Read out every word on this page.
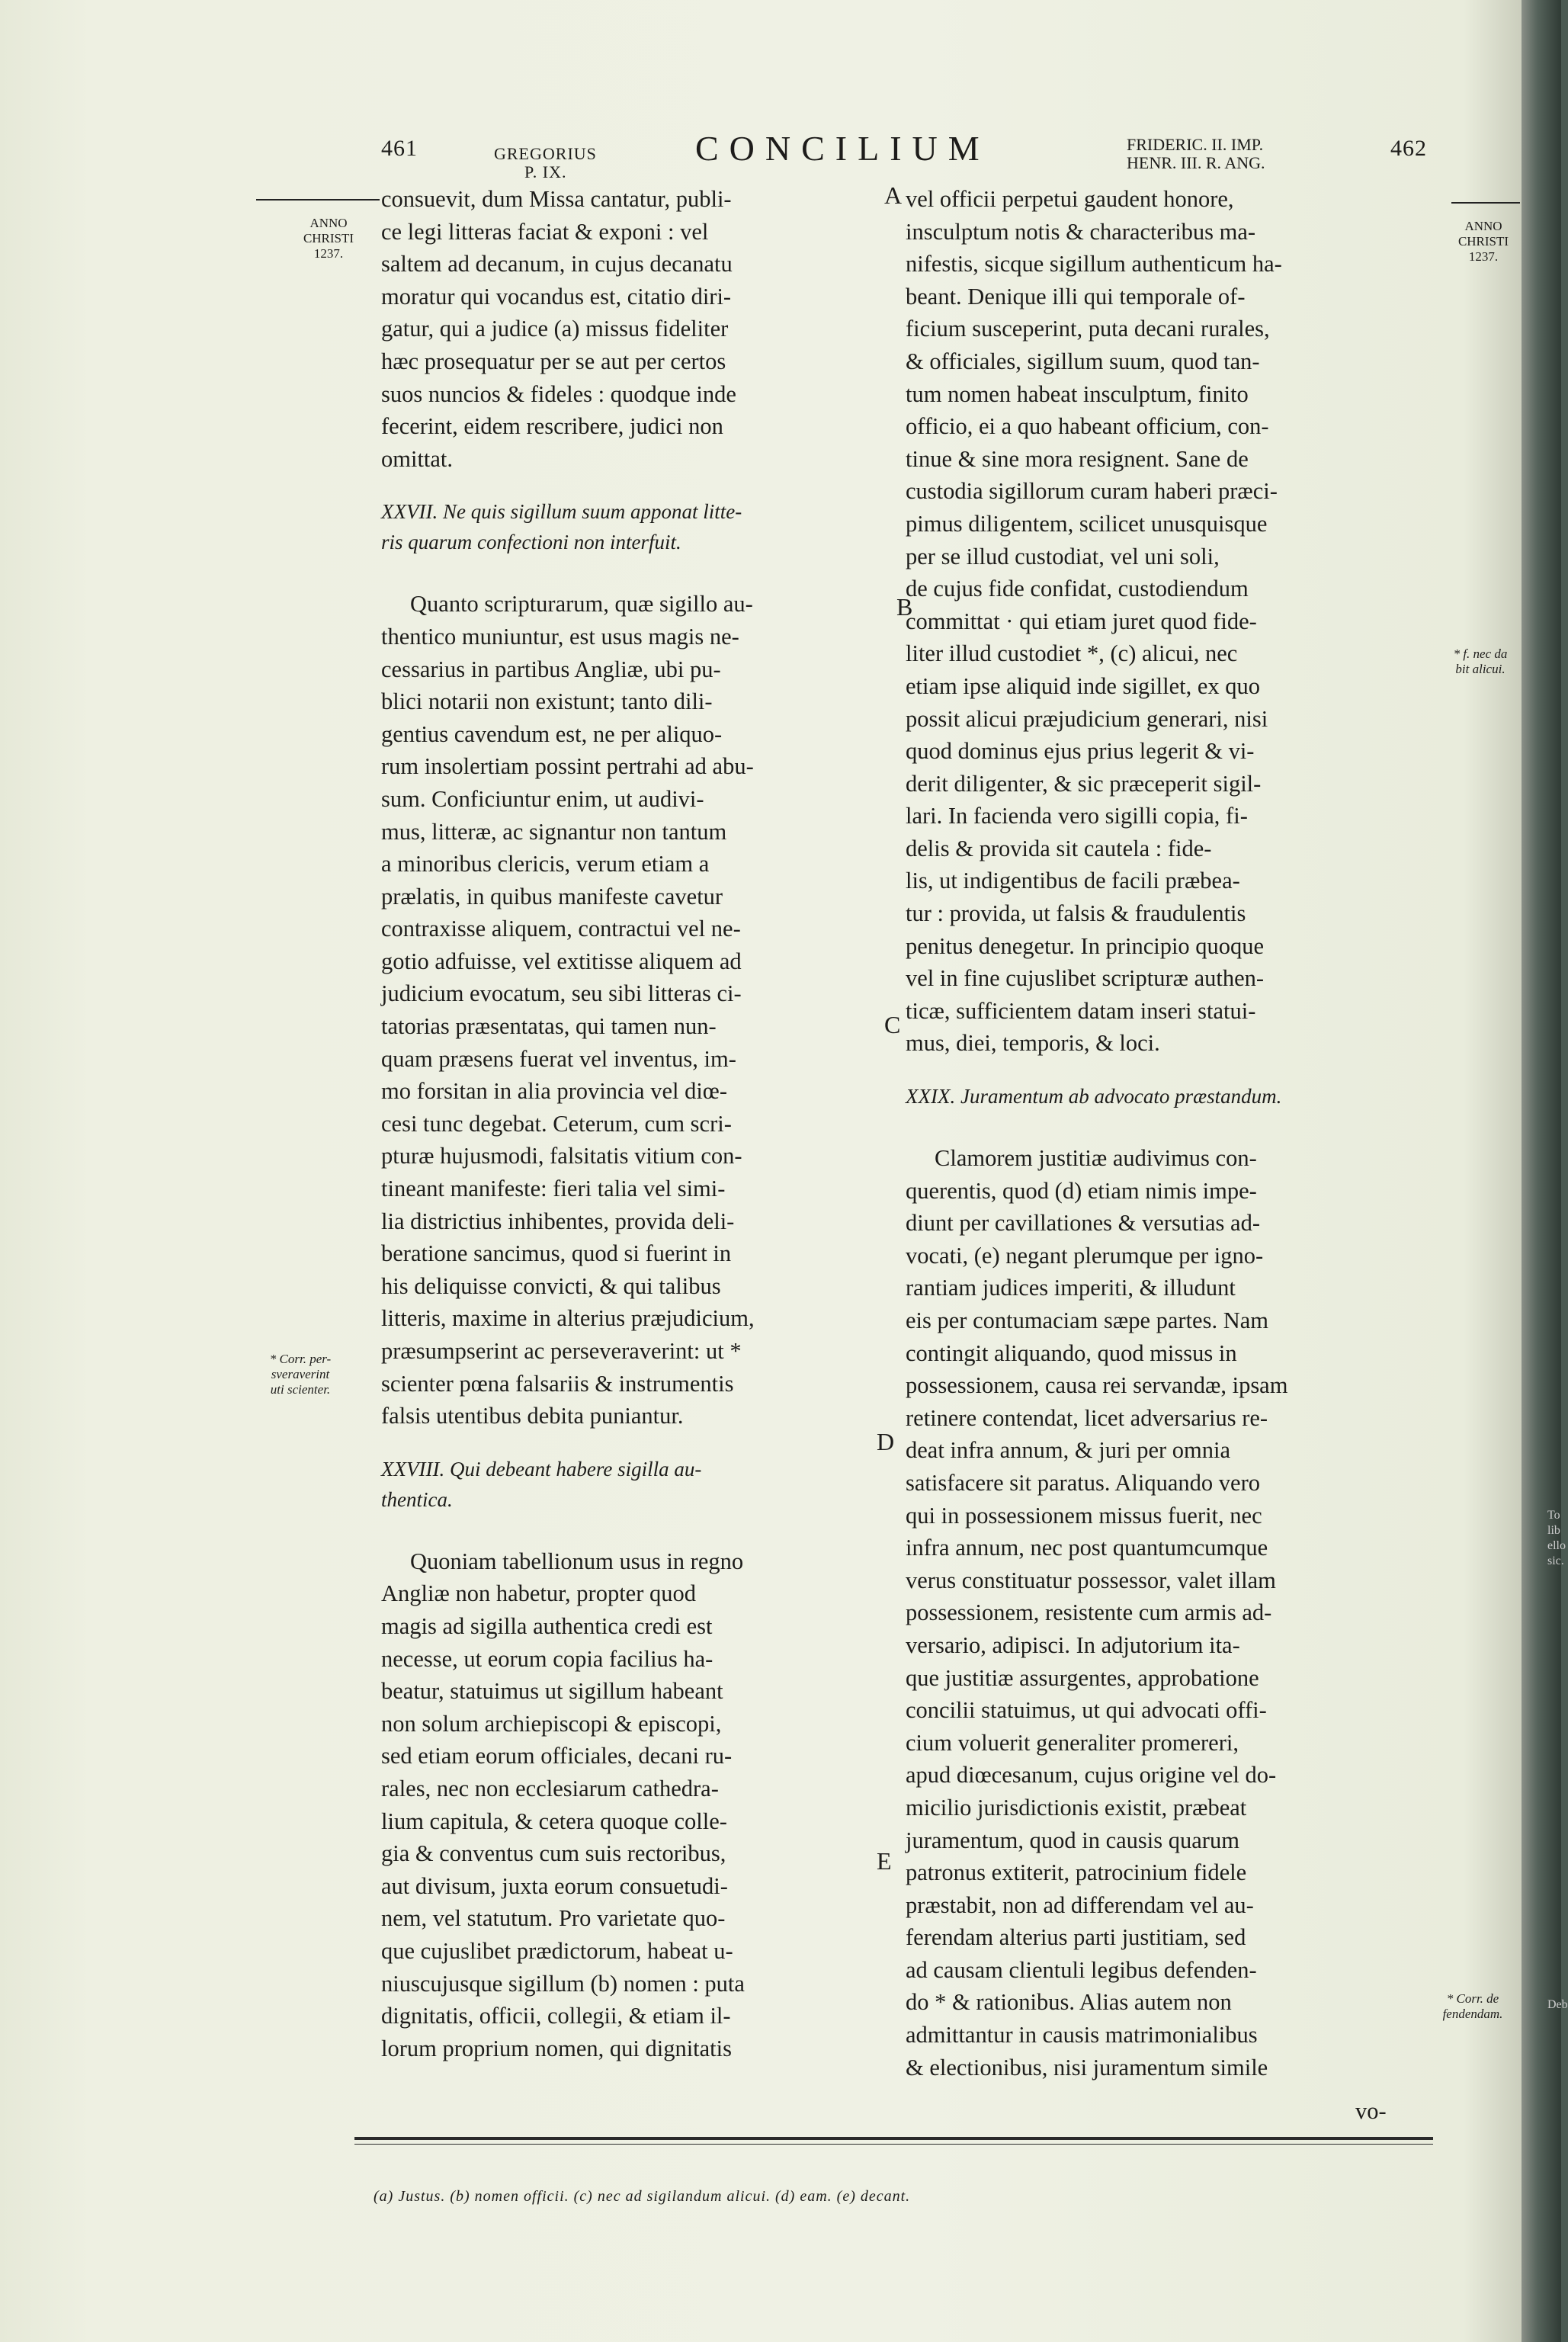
461	GREGORIUS
P. IX.
CONCILIUM	FRIDERIC. II. IMP.
HENR. III. R. ANG.
462
ANNO
CHRISTI
1237.
ANNO
CHRISTI
1237.
* Corr. per-
sveraverint
uti scienter.
* f. nec da
bit alicui.
* Corr. de
fendendam.
A
B
C
D
E

consuevit, dum Missa cantatur, publi-

ce legi litteras faciat & exponi : vel

saltem ad decanum, in cujus decanatu

moratur qui vocandus est, citatio diri-

gatur, qui a judice (a) missus fideliter

hæc prosequatur per se aut per certos

suos nuncios & fideles : quodque inde

fecerint, eidem rescribere, judici non

omittat.

XXVII. Ne quis sigillum suum apponat litte-

ris quarum confectioni non interfuit.

Quanto scripturarum, quæ sigillo au-

thentico muniuntur, est usus magis ne-

cessarius in partibus Angliæ, ubi pu-

blici notarii non existunt; tanto dili-

gentius cavendum est, ne per aliquo-

rum insolertiam possint pertrahi ad abu-

sum. Conficiuntur enim, ut audivi-

mus, litteræ, ac signantur non tantum

a minoribus clericis, verum etiam a

prælatis, in quibus manifeste cavetur

contraxisse aliquem, contractui vel ne-

gotio adfuisse, vel extitisse aliquem ad

judicium evocatum, seu sibi litteras ci-

tatorias præsentatas, qui tamen nun-

quam præsens fuerat vel inventus, im-

mo forsitan in alia provincia vel diœ-

cesi tunc degebat. Ceterum, cum scri-

pturæ hujusmodi, falsitatis vitium con-

tineant manifeste: fieri talia vel simi-

lia districtius inhibentes, provida deli-

beratione sancimus, quod si fuerint in

his deliquisse convicti, & qui talibus

litteris, maxime in alterius præjudicium,

præsumpserint ac perseveraverint: ut *

scienter pœna falsariis & instrumentis

falsis utentibus debita puniantur.

XXVIII. Qui debeant habere sigilla au-

thentica.

Quoniam tabellionum usus in regno

Angliæ non habetur, propter quod

magis ad sigilla authentica credi est

necesse, ut eorum copia facilius ha-

beatur, statuimus ut sigillum habeant

non solum archiepiscopi & episcopi,

sed etiam eorum officiales, decani ru-

rales, nec non ecclesiarum cathedra-

lium capitula, & cetera quoque colle-

gia & conventus cum suis rectoribus,

aut divisum, juxta eorum consuetudi-

nem, vel statutum. Pro varietate quo-

que cujuslibet prædictorum, habeat u-

niuscujusque sigillum (b) nomen : puta

dignitatis, officii, collegii, & etiam il-

lorum proprium nomen, qui dignitatis

vel officii perpetui gaudent honore,

insculptum notis & characteribus ma-

nifestis, sicque sigillum authenticum ha-

beant. Denique illi qui temporale of-

ficium susceperint, puta decani rurales,

& officiales, sigillum suum, quod tan-

tum nomen habeat insculptum, finito

officio, ei a quo habeant officium, con-

tinue & sine mora resignent. Sane de

custodia sigillorum curam haberi præci-

pimus diligentem, scilicet unusquisque

per se illud custodiat, vel uni soli,

de cujus fide confidat, custodiendum

committat · qui etiam juret quod fide-

liter illud custodiet *, (c) alicui, nec

etiam ipse aliquid inde sigillet, ex quo

possit alicui præjudicium generari, nisi

quod dominus ejus prius legerit & vi-

derit diligenter, & sic præceperit sigil-

lari. In facienda vero sigilli copia, fi-

delis & provida sit cautela : fide-

lis, ut indigentibus de facili præbea-

tur : provida, ut falsis & fraudulentis

penitus denegetur. In principio quoque

vel in fine cujuslibet scripturæ authen-

ticæ, sufficientem datam inseri statui-

mus, diei, temporis, & loci.

XXIX. Juramentum ab advocato præstandum.

Clamorem justitiæ audivimus con-

querentis, quod (d) etiam nimis impe-

diunt per cavillationes & versutias ad-

vocati, (e) negant plerumque per igno-

rantiam judices imperiti, & illudunt

eis per contumaciam sæpe partes. Nam

contingit aliquando, quod missus in

possessionem, causa rei servandæ, ipsam

retinere contendat, licet adversarius re-

deat infra annum, & juri per omnia

satisfacere sit paratus. Aliquando vero

qui in possessionem missus fuerit, nec

infra annum, nec post quantumcumque

verus constituatur possessor, valet illam

possessionem, resistente cum armis ad-

versario, adipisci. In adjutorium ita-

que justitiæ assurgentes, approbatione

concilii statuimus, ut qui advocati offi-

cium voluerit generaliter promereri,

apud diœcesanum, cujus origine vel do-

micilio jurisdictionis existit, præbeat

juramentum, quod in causis quarum

patronus extiterit, patrocinium fidele

præstabit, non ad differendam vel au-

ferendam alterius parti justitiam, sed

ad causam clientuli legibus defenden-

do * & rationibus. Alias autem non

admittantur in causis matrimonialibus

& electionibus, nisi juramentum simile

vo-
(a) Justus. (b) nomen officii. (c) nec ad sigilandum alicui. (d) eam. (e) decant.
To
lib
ello
sic.
Deb
